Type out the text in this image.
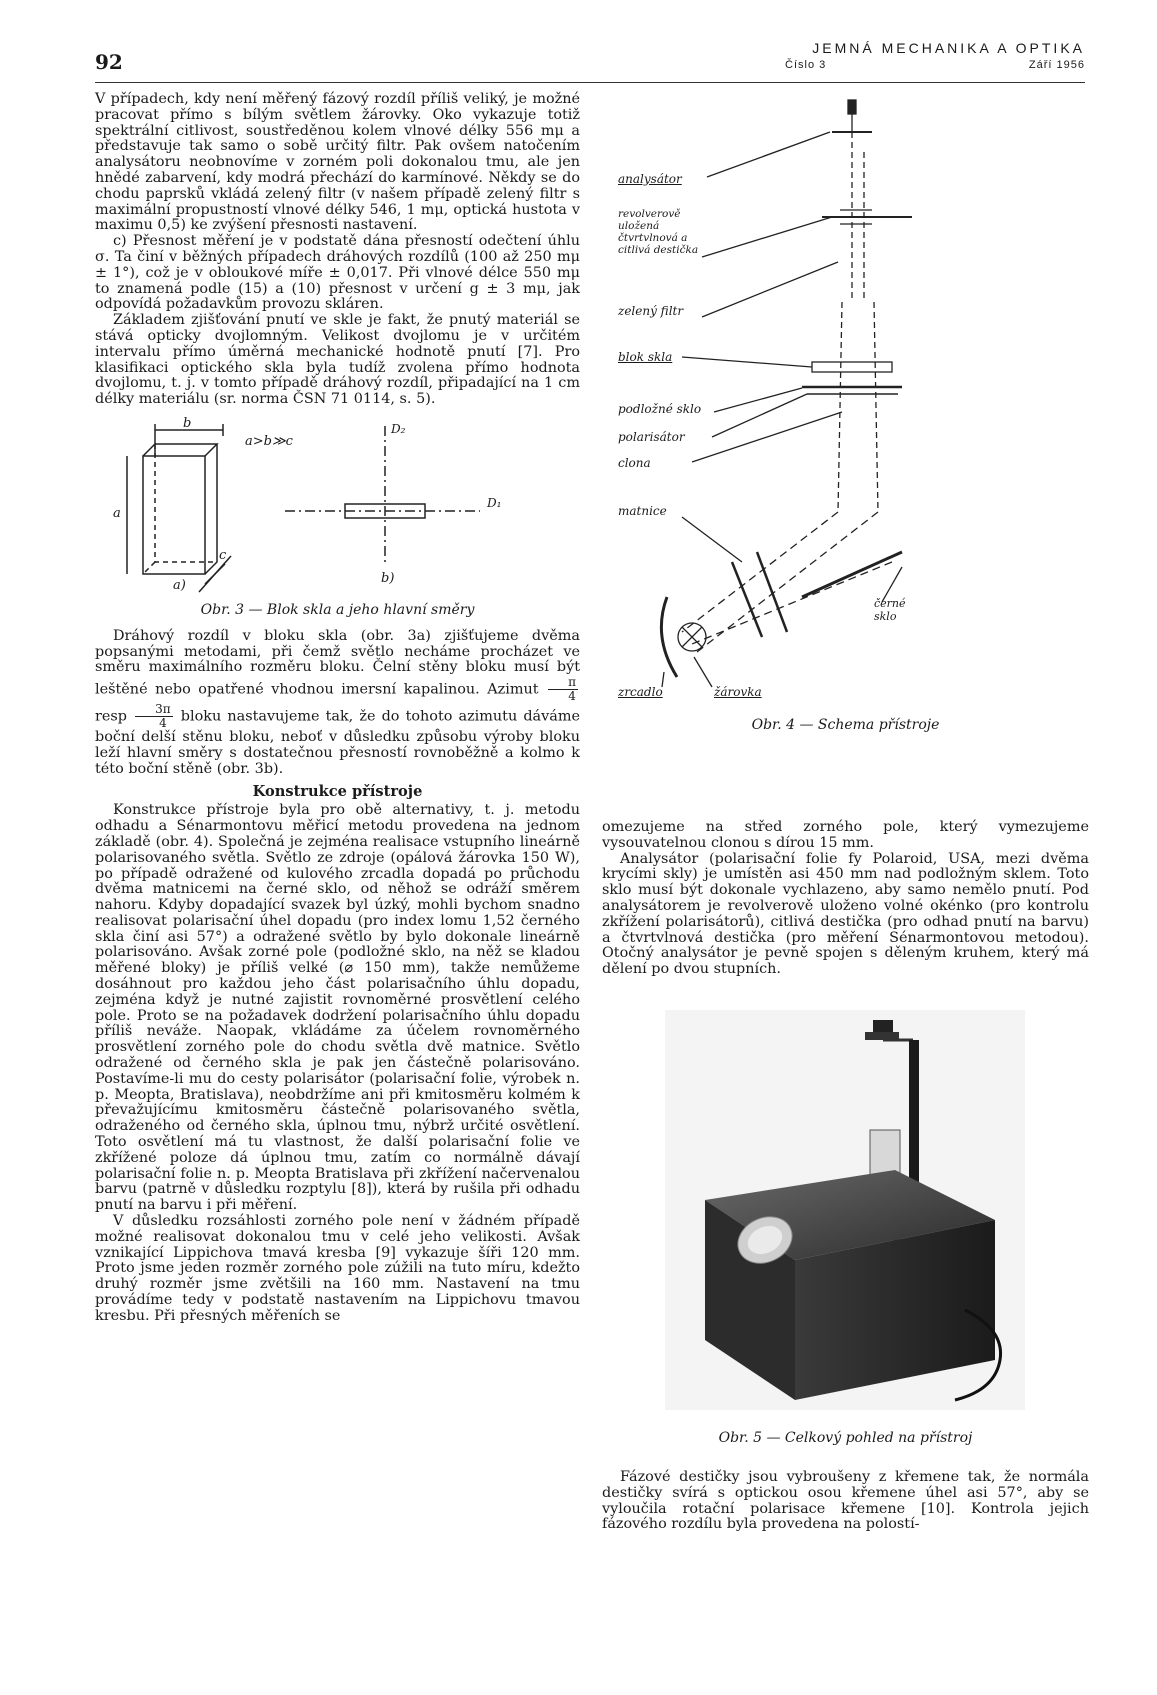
92
JEMNÁ MECHANIKA A OPTIKA
Číslo 3	Září 1956

V případech, kdy není měřený fázový rozdíl příliš veliký, je možné pracovat přímo s bílým světlem žárovky. Oko vykazuje totiž spektrální citlivost, soustředěnou kolem vlnové délky 556 mμ a představuje tak samo o sobě určitý filtr. Pak ovšem natočením analysátoru neobnovíme v zorném poli dokonalou tmu, ale jen hnědé zabarvení, kdy modrá přechází do karmínové. Někdy se do chodu paprsků vkládá zelený filtr (v našem případě zelený filtr s maximální propustností vlnové délky 546, 1 mμ, optická hustota v maximu 0,5) ke zvýšení přesnosti nastavení.

c) Přesnost měření je v podstatě dána přesností odečtení úhlu σ. Ta činí v běžných případech dráhových rozdílů (100 až 250 mμ ± 1°), což je v obloukové míře ± 0,017. Při vlnové délce 550 mμ to znamená podle (15) a (10) přesnost v určení g ± 3 mμ, jak odpovídá požadavkům provozu skláren.

Základem zjišťování pnutí ve skle je fakt, že pnutý materiál se stává opticky dvojlomným. Velikost dvojlomu je v určitém intervalu přímo úměrná mechanické hodnotě pnutí [7]. Pro klasifikaci optického skla byla tudíž zvolena přímo hodnota dvojlomu, t. j. v tomto případě dráhový rozdíl, připadající na 1 cm délky materiálu (sr. norma ČSN 71 0114, s. 5).

a>b≫c
a
b
c
a)	b)
D₂
D₁
Obr. 3 — Blok skla a jeho hlavní směry

Dráhový rozdíl v bloku skla (obr. 3a) zjišťujeme dvěma popsanými metodami, při čemž světlo necháme procházet ve směru maximálního rozměru bloku. Čelní stěny bloku musí být leštěné nebo opatřené vhodnou imersní kapalinou. Azimut $\frac{\pi}{4}$
resp $\frac{3\pi}{4}$ bloku nastavujeme tak, že do tohoto azimutu dáváme boční delší stěnu bloku, neboť v důsledku způsobu výroby bloku leží hlavní směry s dostatečnou přesností rovnoběžně a kolmo k této boční stěně (obr. 3b).

Konstrukce přístroje

Konstrukce přístroje byla pro obě alternativy, t. j. metodu odhadu a Sénarmontovu měřicí metodu provedena na jednom základě (obr. 4). Společná je zejména realisace vstupního lineárně polarisovaného světla. Světlo ze zdroje (opálová žárovka 150 W), po případě odražené od kulového zrcadla dopadá po průchodu dvěma matnicemi na černé sklo, od něhož se odráží směrem nahoru. Kdyby dopadající svazek byl úzký, mohli bychom snadno realisovat polarisační úhel dopadu (pro index lomu 1,52 černého skla činí asi 57°) a odražené světlo by bylo dokonale lineárně polarisováno. Avšak zorné pole (podložné sklo, na něž se kladou měřené bloky) je příliš velké (⌀ 150 mm), takže nemůžeme dosáhnout pro každou jeho část polarisačního úhlu dopadu, zejména když je nutné zajistit rovnoměrné prosvětlení celého pole. Proto se na požadavek dodržení polarisačního úhlu dopadu příliš neváže. Naopak, vkládáme za účelem rovnoměrného prosvětlení zorného pole do chodu světla dvě matnice. Světlo odražené od černého skla je pak jen částečně polarisováno. Postavíme-li mu do cesty polarisátor (polarisační folie, výrobek n. p. Meopta, Bratislava), neobdržíme ani při kmitosměru kolmém k převažujícímu kmitosměru částečně polarisovaného světla, odraženého od černého skla, úplnou tmu, nýbrž určité osvětlení. Toto osvětlení má tu vlastnost, že další polarisační folie ve zkřížené poloze dá úplnou tmu, zatím co normálně dávají polarisační folie n. p. Meopta Bratislava při zkřížení načervenalou barvu (patrně v důsledku rozptylu [8]), která by rušila při odhadu pnutí na barvu i při měření.

V důsledku rozsáhlosti zorného pole není v žádném případě možné realisovat dokonalou tmu v celé jeho velikosti. Avšak vznikající Lippichova tmavá kresba [9] vykazuje šíři 120 mm. Proto jsme jeden rozměr zorného pole zúžili na tuto míru, kdežto druhý rozměr jsme zvětšili na 160 mm. Nastavení na tmu provádíme tedy v podstatě nastavením na Lippichovu tmavou kresbu. Při přesných měřeních se

analysátor
revolverově uložená čtvrtvlnová a citlivá destička
zelený filtr
blok skla
podložné sklo
polarisátor
clona
matnice
černé sklo
zrcadlo	žárovka
Obr. 4 — Schema přístroje

omezujeme na střed zorného pole, který vymezujeme vysouvatelnou clonou s dírou 15 mm.

Analysátor (polarisační folie fy Polaroid, USA, mezi dvěma krycími skly) je umístěn asi 450 mm nad podložným sklem. Toto sklo musí být dokonale vychlazeno, aby samo nemělo pnutí. Pod analysátorem je revolverově uloženo volné okénko (pro kontrolu zkřížení polarisátorů), citlivá destička (pro odhad pnutí na barvu) a čtvrtvlnová destička (pro měření Sénarmontovou metodou). Otočný analysátor je pevně spojen s děleným kruhem, který má dělení po dvou stupních.

Obr. 5 — Celkový pohled na přístroj

Fázové destičky jsou vybroušeny z křemene tak, že normála destičky svírá s optickou osou křemene úhel asi 57°, aby se vyloučila rotační polarisace křemene [10]. Kontrola jejich fázového rozdílu byla provedena na polostí-
